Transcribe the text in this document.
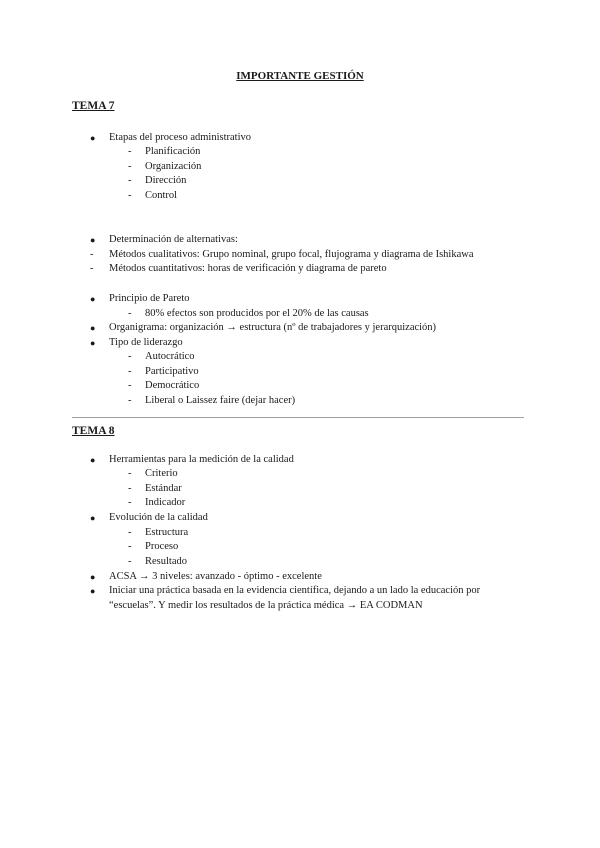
IMPORTANTE GESTIÓN
TEMA 7
● Etapas del proceso administrativo

- Planificación

- Organización

- Dirección

- Control

● Determinación de alternativas:

- Métodos cualitativos: Grupo nominal, grupo focal, flujograma y diagrama de Ishikawa

- Métodos cuantitativos: horas de verificación y diagrama de pareto

● Principio de Pareto

- 80% efectos son producidos por el 20% de las causas

● Organigrama: organización → estructura (nº de trabajadores y jerarquización)

● Tipo de liderazgo

- Autocrático

- Participativo

- Democrático

- Liberal o Laissez faire (dejar hacer)

TEMA 8
● Herramientas para la medición de la calidad

- Criterio

- Estándar

- Indicador

● Evolución de la calidad

- Estructura

- Proceso

- Resultado

● ACSA → 3 niveles: avanzado - óptimo - excelente

● Iniciar una práctica basada en la evidencia científica, dejando a un lado la educación por

“escuelas”. Y medir los resultados de la práctica médica → EA CODMAN
